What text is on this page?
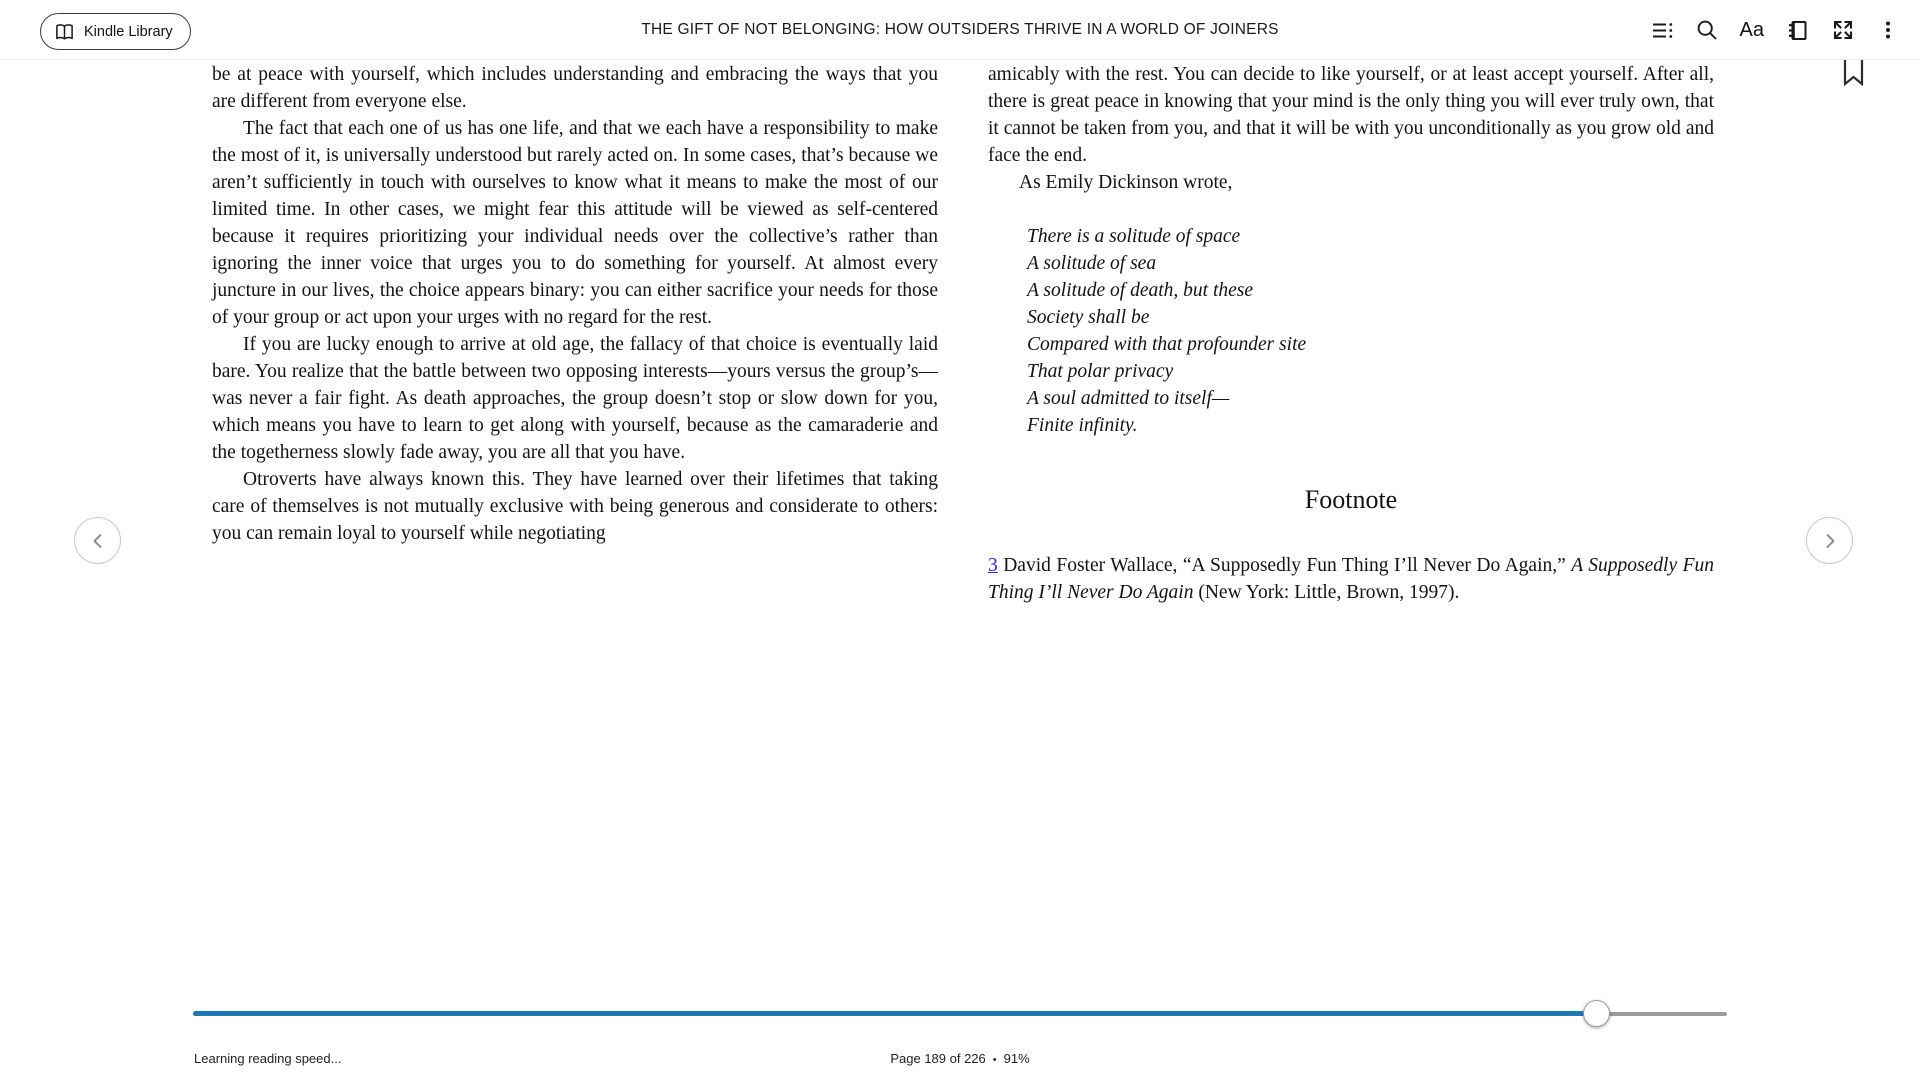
Kindle Library	THE GIFT OF NOT BELONGING: HOW OUTSIDERS THRIVE IN A WORLD OF JOINERS	Aa

be at peace with yourself, which includes understanding and embracing the ways that you are different from everyone else.

The fact that each one of us has one life, and that we each have a responsibility to make the most of it, is universally understood but rarely acted on. In some cases, that’s because we aren’t sufficiently in touch with ourselves to know what it means to make the most of our limited time. In other cases, we might fear this attitude will be viewed as self-centered because it requires prioritizing your individual needs over the collective’s rather than ignoring the inner voice that urges you to do something for yourself. At almost every juncture in our lives, the choice appears binary: you can either sacrifice your needs for those of your group or act upon your urges with no regard for the rest.

If you are lucky enough to arrive at old age, the fallacy of that choice is eventually laid bare. You realize that the battle between two opposing interests—yours versus the group’s—was never a fair fight. As death approaches, the group doesn’t stop or slow down for you, which means you have to learn to get along with yourself, because as the camaraderie and the togetherness slowly fade away, you are all that you have.

Otroverts have always known this. They have learned over their lifetimes that taking care of themselves is not mutually exclusive with being generous and considerate to others: you can remain loyal to yourself while negotiating

amicably with the rest. You can decide to like yourself, or at least accept yourself. After all, there is great peace in knowing that your mind is the only thing you will ever truly own, that it cannot be taken from you, and that it will be with you unconditionally as you grow old and face the end.

As Emily Dickinson wrote,

There is a solitude of space
A solitude of sea
A solitude of death, but these
Society shall be
Compared with that profounder site
That polar privacy
A soul admitted to itself—
Finite infinity.
Footnote

3 David Foster Wallace, “A Supposedly Fun Thing I’ll Never Do Again,” A Supposedly Fun Thing I’ll Never Do Again (New York: Little, Brown, 1997).

Learning reading speed...	Page 189 of 226 • 91%
